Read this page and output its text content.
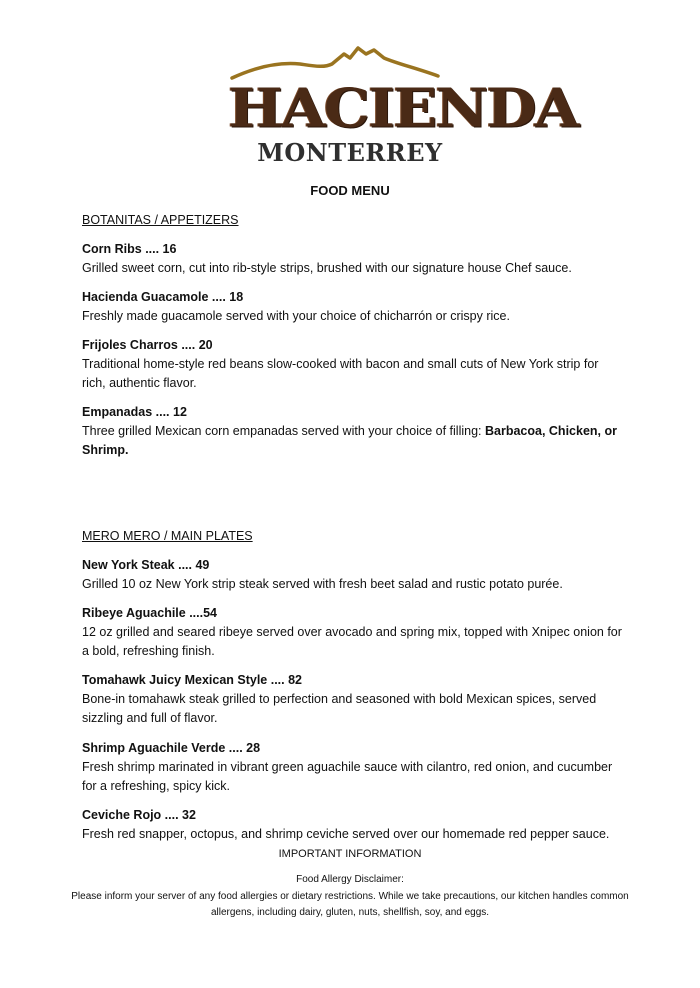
HACIENDA
MONTERREY
FOOD MENU
BOTANITAS / APPETIZERS
Corn Ribs .... 16
Grilled sweet corn, cut into rib-style strips, brushed with our signature house Chef sauce.
Hacienda Guacamole .... 18
Freshly made guacamole served with your choice of chicharrón or crispy rice.
Frijoles Charros .... 20
Traditional home-style red beans slow-cooked with bacon and small cuts of New York strip for rich, authentic flavor.
Empanadas .... 12
Three grilled Mexican corn empanadas served with your choice of filling: Barbacoa, Chicken, or Shrimp.
MERO MERO / MAIN PLATES
New York Steak .... 49
Grilled 10 oz New York strip steak served with fresh beet salad and rustic potato purée.
Ribeye Aguachile ....54
12 oz grilled and seared ribeye served over avocado and spring mix, topped with Xnipec onion for a bold, refreshing finish.
Tomahawk Juicy Mexican Style .... 82
Bone-in tomahawk steak grilled to perfection and seasoned with bold Mexican spices, served sizzling and full of flavor.
Shrimp Aguachile Verde .... 28
Fresh shrimp marinated in vibrant green aguachile sauce with cilantro, red onion, and cucumber for a refreshing, spicy kick.
Ceviche Rojo .... 32
Fresh red snapper, octopus, and shrimp ceviche served over our homemade red pepper sauce.
IMPORTANT INFORMATION
Food Allergy Disclaimer:
Please inform your server of any food allergies or dietary restrictions. While we take precautions, our kitchen handles common allergens, including dairy, gluten, nuts, shellfish, soy, and eggs.
